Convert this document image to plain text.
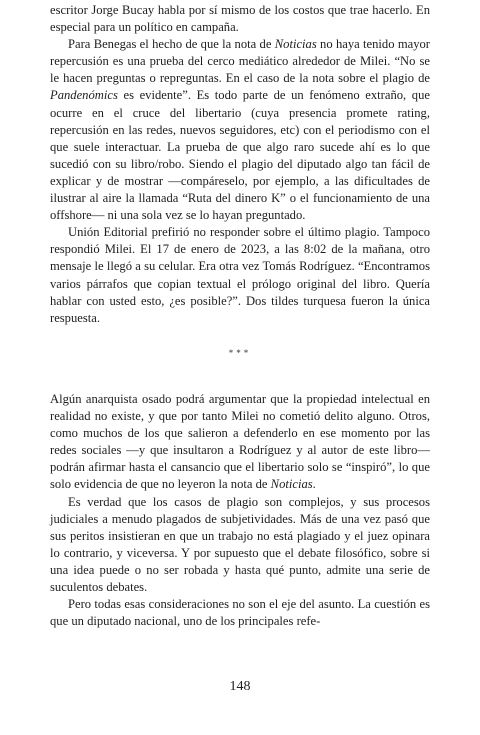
escritor Jorge Bucay habla por sí mismo de los costos que trae hacerlo. En especial para un político en campaña.

Para Benegas el hecho de que la nota de Noticias no haya tenido mayor repercusión es una prueba del cerco mediático alrededor de Milei. “No se le hacen preguntas o repreguntas. En el caso de la nota sobre el plagio de Pandenómics es evidente”. Es todo parte de un fenómeno extraño, que ocurre en el cruce del libertario (cuya presencia promete rating, repercusión en las redes, nuevos seguidores, etc) con el periodismo con el que suele interactuar. La prueba de que algo raro sucede ahí es lo que sucedió con su libro/robo. Siendo el plagio del diputado algo tan fácil de explicar y de mostrar —compáreselo, por ejemplo, a las dificultades de ilustrar al aire la llamada “Ruta del dinero K” o el funcionamiento de una offshore— ni una sola vez se lo hayan preguntado.

Unión Editorial prefirió no responder sobre el último plagio. Tampoco respondió Milei. El 17 de enero de 2023, a las 8:02 de la mañana, otro mensaje le llegó a su celular. Era otra vez Tomás Rodríguez. “Encontramos varios párrafos que copian textual el prólogo original del libro. Quería hablar con usted esto, ¿es posible?”. Dos tildes turquesa fueron la única respuesta.

***

Algún anarquista osado podrá argumentar que la propiedad intelectual en realidad no existe, y que por tanto Milei no cometió delito alguno. Otros, como muchos de los que salieron a defenderlo en ese momento por las redes sociales —y que insultaron a Rodríguez y al autor de este libro— podrán afirmar hasta el cansancio que el libertario solo se “inspiró”, lo que solo evidencia de que no leyeron la nota de Noticias.

Es verdad que los casos de plagio son complejos, y sus procesos judiciales a menudo plagados de subjetividades. Más de una vez pasó que sus peritos insistieran en que un trabajo no está plagiado y el juez opinara lo contrario, y viceversa. Y por supuesto que el debate filosófico, sobre si una idea puede o no ser robada y hasta qué punto, admite una serie de suculentos debates.

Pero todas esas consideraciones no son el eje del asunto. La cuestión es que un diputado nacional, uno de los principales refe-

148
